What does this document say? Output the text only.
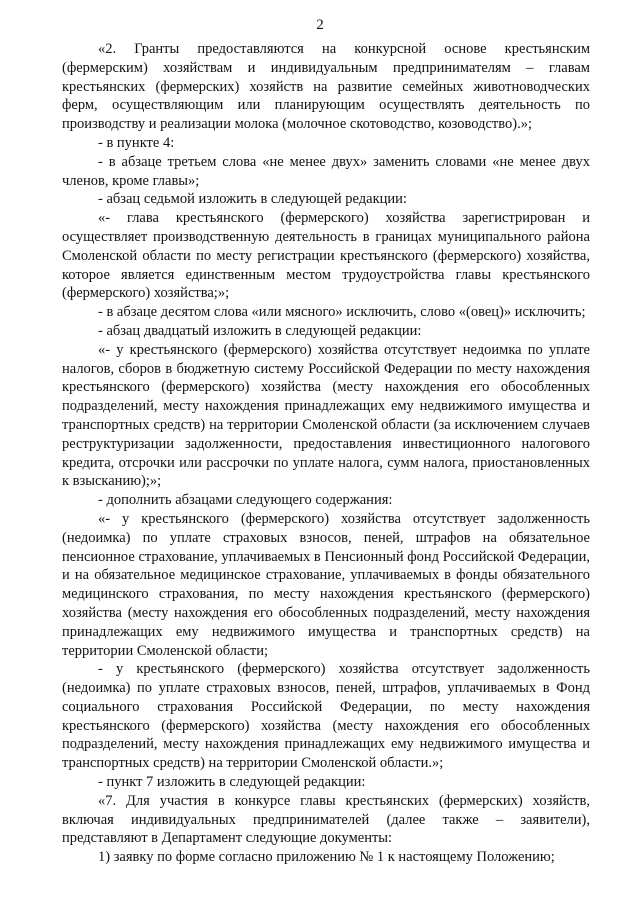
2

«2. Гранты предоставляются на конкурсной основе крестьянским (фермерским) хозяйствам и индивидуальным предпринимателям – главам крестьянских (фермерских) хозяйств на развитие семейных животноводческих ферм, осуществляющим или планирующим осуществлять деятельность по производству и реализации молока (молочное скотоводство, козоводство).»;

- в пункте 4:

- в абзаце третьем слова «не менее двух» заменить словами «не менее двух членов, кроме главы»;

- абзац седьмой изложить в следующей редакции:

«- глава крестьянского (фермерского) хозяйства зарегистрирован и осуществляет производственную деятельность в границах муниципального района Смоленской области по месту регистрации крестьянского (фермерского) хозяйства, которое является единственным местом трудоустройства главы крестьянского (фермерского) хозяйства;»;

- в абзаце десятом слова «или мясного» исключить, слово «(овец)» исключить;

- абзац двадцатый изложить в следующей редакции:

«- у крестьянского (фермерского) хозяйства отсутствует недоимка по уплате налогов, сборов в бюджетную систему Российской Федерации по месту нахождения крестьянского (фермерского) хозяйства (месту нахождения его обособленных подразделений, месту нахождения принадлежащих ему недвижимого имущества и транспортных средств) на территории Смоленской области (за исключением случаев реструктуризации задолженности, предоставления инвестиционного налогового кредита, отсрочки или рассрочки по уплате налога, сумм налога, приостановленных к взысканию);»;

- дополнить абзацами следующего содержания:

«- у крестьянского (фермерского) хозяйства отсутствует задолженность (недоимка) по уплате страховых взносов, пеней, штрафов на обязательное пенсионное страхование, уплачиваемых в Пенсионный фонд Российской Федерации, и на обязательное медицинское страхование, уплачиваемых в фонды обязательного медицинского страхования, по месту нахождения крестьянского (фермерского) хозяйства (месту нахождения его обособленных подразделений, месту нахождения принадлежащих ему недвижимого имущества и транспортных средств) на территории Смоленской области;

- у крестьянского (фермерского) хозяйства отсутствует задолженность (недоимка) по уплате страховых взносов, пеней, штрафов, уплачиваемых в Фонд социального страхования Российской Федерации, по месту нахождения крестьянского (фермерского) хозяйства (месту нахождения его обособленных подразделений, месту нахождения принадлежащих ему недвижимого имущества и транспортных средств) на территории Смоленской области.»;

- пункт 7 изложить в следующей редакции:

«7. Для участия в конкурсе главы крестьянских (фермерских) хозяйств, включая индивидуальных предпринимателей (далее также – заявители), представляют в Департамент следующие документы:

1) заявку по форме согласно приложению № 1 к настоящему Положению;
